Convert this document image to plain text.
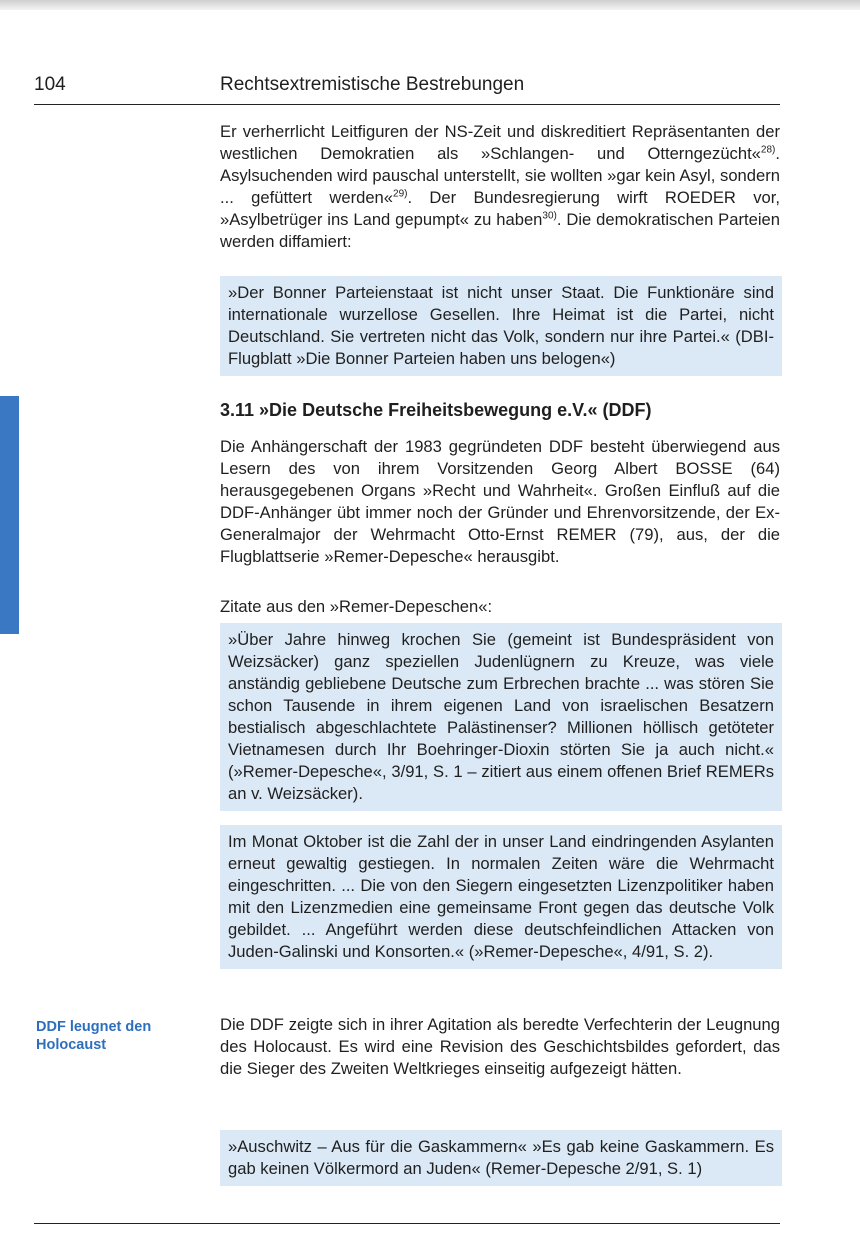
104	Rechtsextremistische Bestrebungen

Er verherrlicht Leitfiguren der NS-Zeit und diskreditiert Repräsentanten der westlichen Demokratien als »Schlangen- und Otterngezücht«$^{28)}$. Asylsuchenden wird pauschal unterstellt, sie wollten »gar kein Asyl, sondern ... gefüttert werden«$^{29)}$. Der Bundesregierung wirft ROEDER vor, »Asylbetrüger ins Land gepumpt« zu haben$^{30)}$. Die demokratischen Parteien werden diffamiert:

»Der Bonner Parteienstaat ist nicht unser Staat. Die Funktionäre sind internationale wurzellose Gesellen. Ihre Heimat ist die Partei, nicht Deutschland. Sie vertreten nicht das Volk, sondern nur ihre Partei.« (DBI-Flugblatt »Die Bonner Parteien haben uns belogen«)

3.11 »Die Deutsche Freiheitsbewegung e.V.« (DDF)

Die Anhängerschaft der 1983 gegründeten DDF besteht überwiegend aus Lesern des von ihrem Vorsitzenden Georg Albert BOSSE (64) herausgegebenen Organs »Recht und Wahrheit«. Großen Einfluß auf die DDF-Anhänger übt immer noch der Gründer und Ehrenvorsitzende, der Ex-Generalmajor der Wehrmacht Otto-Ernst REMER (79), aus, der die Flugblattserie »Remer-Depesche« herausgibt.

Zitate aus den »Remer-Depeschen«:

»Über Jahre hinweg krochen Sie (gemeint ist Bundespräsident von Weizsäcker) ganz speziellen Judenlügnern zu Kreuze, was viele anständig gebliebene Deutsche zum Erbrechen brachte ... was stören Sie schon Tausende in ihrem eigenen Land von israelischen Besatzern bestialisch abgeschlachtete Palästinenser? Millionen höllisch getöteter Vietnamesen durch Ihr Boehringer-Dioxin störten Sie ja auch nicht.« (»Remer-Depesche«, 3/91, S. 1 – zitiert aus einem offenen Brief REMERs an v. Weizsäcker).

Im Monat Oktober ist die Zahl der in unser Land eindringenden Asylanten erneut gewaltig gestiegen. In normalen Zeiten wäre die Wehrmacht eingeschritten. ... Die von den Siegern eingesetzten Lizenzpolitiker haben mit den Lizenzmedien eine gemeinsame Front gegen das deutsche Volk gebildet. ... Angeführt werden diese deutschfeindlichen Attacken von Juden-Galinski und Konsorten.« (»Remer-Depesche«, 4/91, S. 2).

DDF leugnet den Holocaust

Die DDF zeigte sich in ihrer Agitation als beredte Verfechterin der Leugnung des Holocaust. Es wird eine Revision des Geschichtsbildes gefordert, das die Sieger des Zweiten Weltkrieges einseitig aufgezeigt hätten.

»Auschwitz – Aus für die Gaskammern« »Es gab keine Gaskammern. Es gab keinen Völkermord an Juden« (Remer-Depesche 2/91, S. 1)
